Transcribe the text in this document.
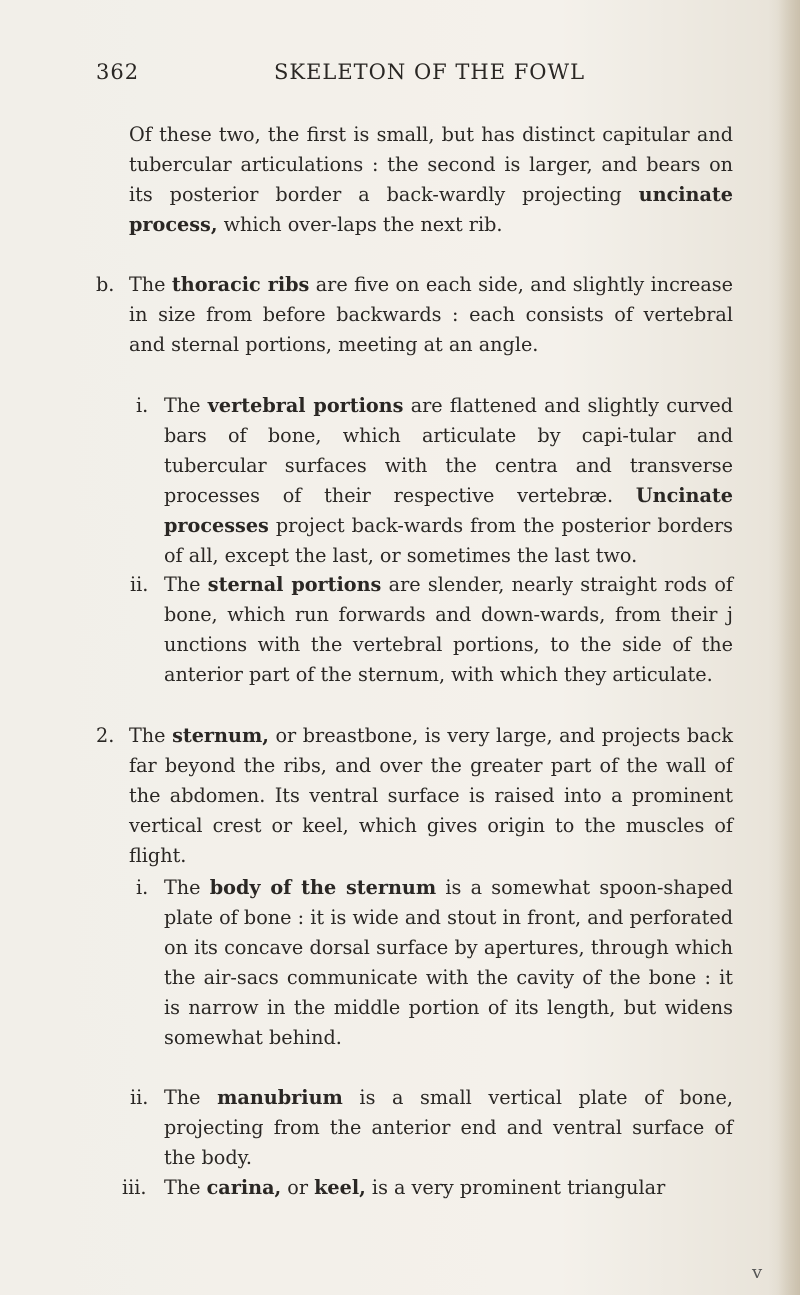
362	SKELETON OF THE FOWL
Of these two, the first is small, but has distinct capitular and tubercular articulations : the second is larger, and bears on its posterior border a back-wardly projecting uncinate process, which over-laps the next rib.
b. The thoracic ribs are five on each side, and slightly increase in size from before backwards : each consists of vertebral and sternal portions, meeting at an angle.
i. The vertebral portions are flattened and slightly curved bars of bone, which articulate by capi-tular and tubercular surfaces with the centra and transverse processes of their respective vertebræ. Uncinate processes project back-wards from the posterior borders of all, except the last, or sometimes the last two.
ii. The sternal portions are slender, nearly straight rods of bone, which run forwards and down-wards, from their j unctions with the vertebral portions, to the side of the anterior part of the sternum, with which they articulate.
2. The sternum, or breastbone, is very large, and projects back far beyond the ribs, and over the greater part of the wall of the abdomen. Its ventral surface is raised into a prominent vertical crest or keel, which gives origin to the muscles of flight.
i. The body of the sternum is a somewhat spoon-shaped plate of bone : it is wide and stout in front, and perforated on its concave dorsal surface by apertures, through which the air-sacs communicate with the cavity of the bone : it is narrow in the middle portion of its length, but widens somewhat behind.
ii. The manubrium is a small vertical plate of bone, projecting from the anterior end and ventral surface of the body.
iii. The carina, or keel, is a very prominent triangular
v
